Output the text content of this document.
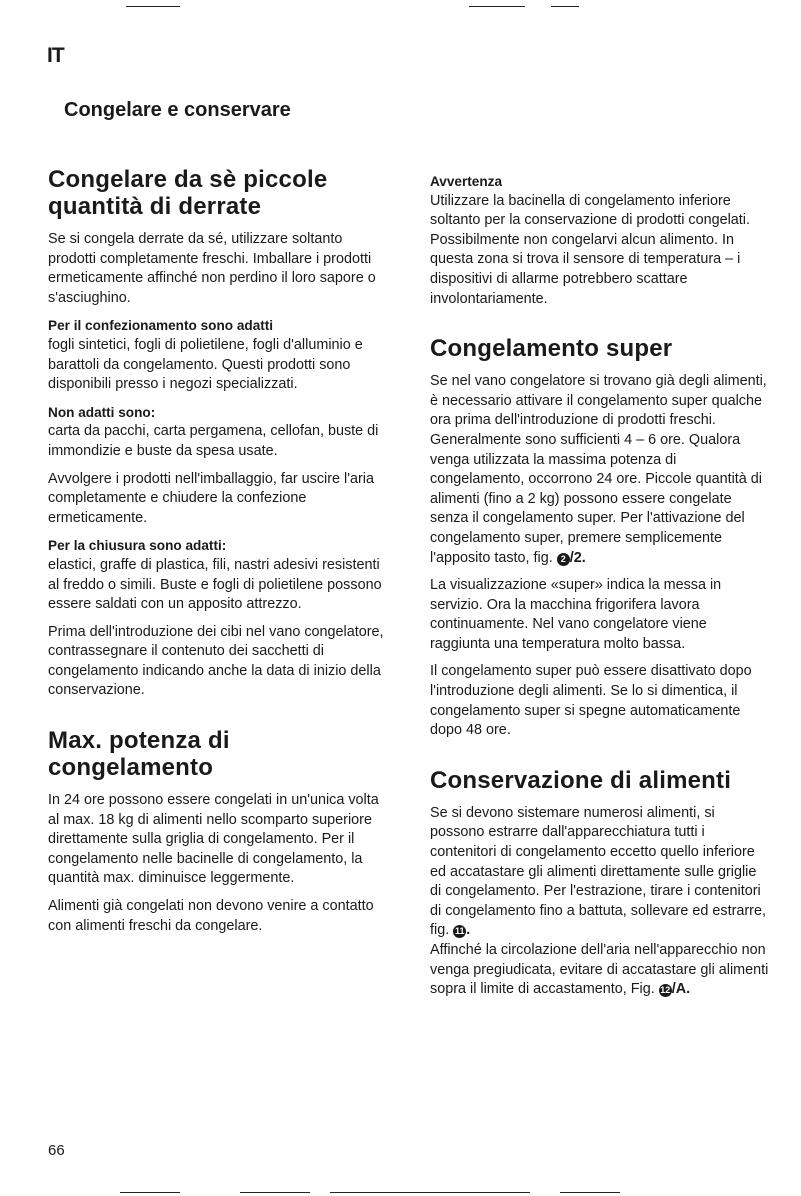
IT
Congelare e conservare
Congelare da sè piccole quantità di derrate

Se si congela derrate da sé, utilizzare soltanto prodotti completamente freschi. Imballare i prodotti ermeticamente affinché non perdino il loro sapore o s'asciughino.

Per il confezionamento sono adatti

fogli sintetici, fogli di polietilene, fogli d'alluminio e barattoli da congelamento. Questi prodotti sono disponibili presso i negozi specializzati.

Non adatti sono:

carta da pacchi, carta pergamena, cellofan, buste di immondizie e buste da spesa usate.

Avvolgere i prodotti nell'imballaggio, far uscire l'aria completamente e chiudere la confezione ermeticamente.

Per la chiusura sono adatti:

elastici, graffe di plastica, fili, nastri adesivi resistenti al freddo o simili. Buste e fogli di polietilene possono essere saldati con un apposito attrezzo.

Prima dell'introduzione dei cibi nel vano congelatore, contrassegnare il contenuto dei sacchetti di congelamento indicando anche la data di inizio della conservazione.

Max. potenza di congelamento

In 24 ore possono essere congelati in un'unica volta al max. 18 kg di alimenti nello scomparto superiore direttamente sulla griglia di congelamento. Per il congelamento nelle bacinelle di congelamento, la quantità max. diminuisce leggermente.

Alimenti già congelati non devono venire a contatto con alimenti freschi da congelare.

Avvertenza

Utilizzare la bacinella di congelamento inferiore soltanto per la conservazione di prodotti congelati. Possibilmente non congelarvi alcun alimento. In questa zona si trova il sensore di temperatura – i dispositivi di allarme potrebbero scattare involontariamente.

Congelamento super

Se nel vano congelatore si trovano già degli alimenti, è necessario attivare il congelamento super qualche ora prima dell'introduzione di prodotti freschi. Generalmente sono sufficienti 4 – 6 ore. Qualora venga utilizzata la massima potenza di congelamento, occorrono 24 ore. Piccole quantità di alimenti (fino a 2 kg) possono essere congelate senza il congelamento super. Per l'attivazione del congelamento super, premere semplicemente l'apposito tasto, fig. 2 /2.

La visualizzazione «super» indica la messa in servizio. Ora la macchina frigorifera lavora continuamente. Nel vano congelatore viene raggiunta una temperatura molto bassa.

Il congelamento super può essere disattivato dopo l'introduzione degli alimenti. Se lo si dimentica, il congelamento super si spegne automaticamente dopo 48 ore.

Conservazione di alimenti

Se si devono sistemare numerosi alimenti, si possono estrarre dall'apparecchiatura tutti i contenitori di congelamento eccetto quello inferiore ed accatastare gli alimenti direttamente sulle griglie di congelamento. Per l'estrazione, tirare i contenitori di congelamento fino a battuta, sollevare ed estrarre, fig. 11 .

Affinché la circolazione dell'aria nell'apparecchio non venga pregiudicata, evitare di accatastare gli alimenti sopra il limite di accastamento, Fig. 12 /A.

66
